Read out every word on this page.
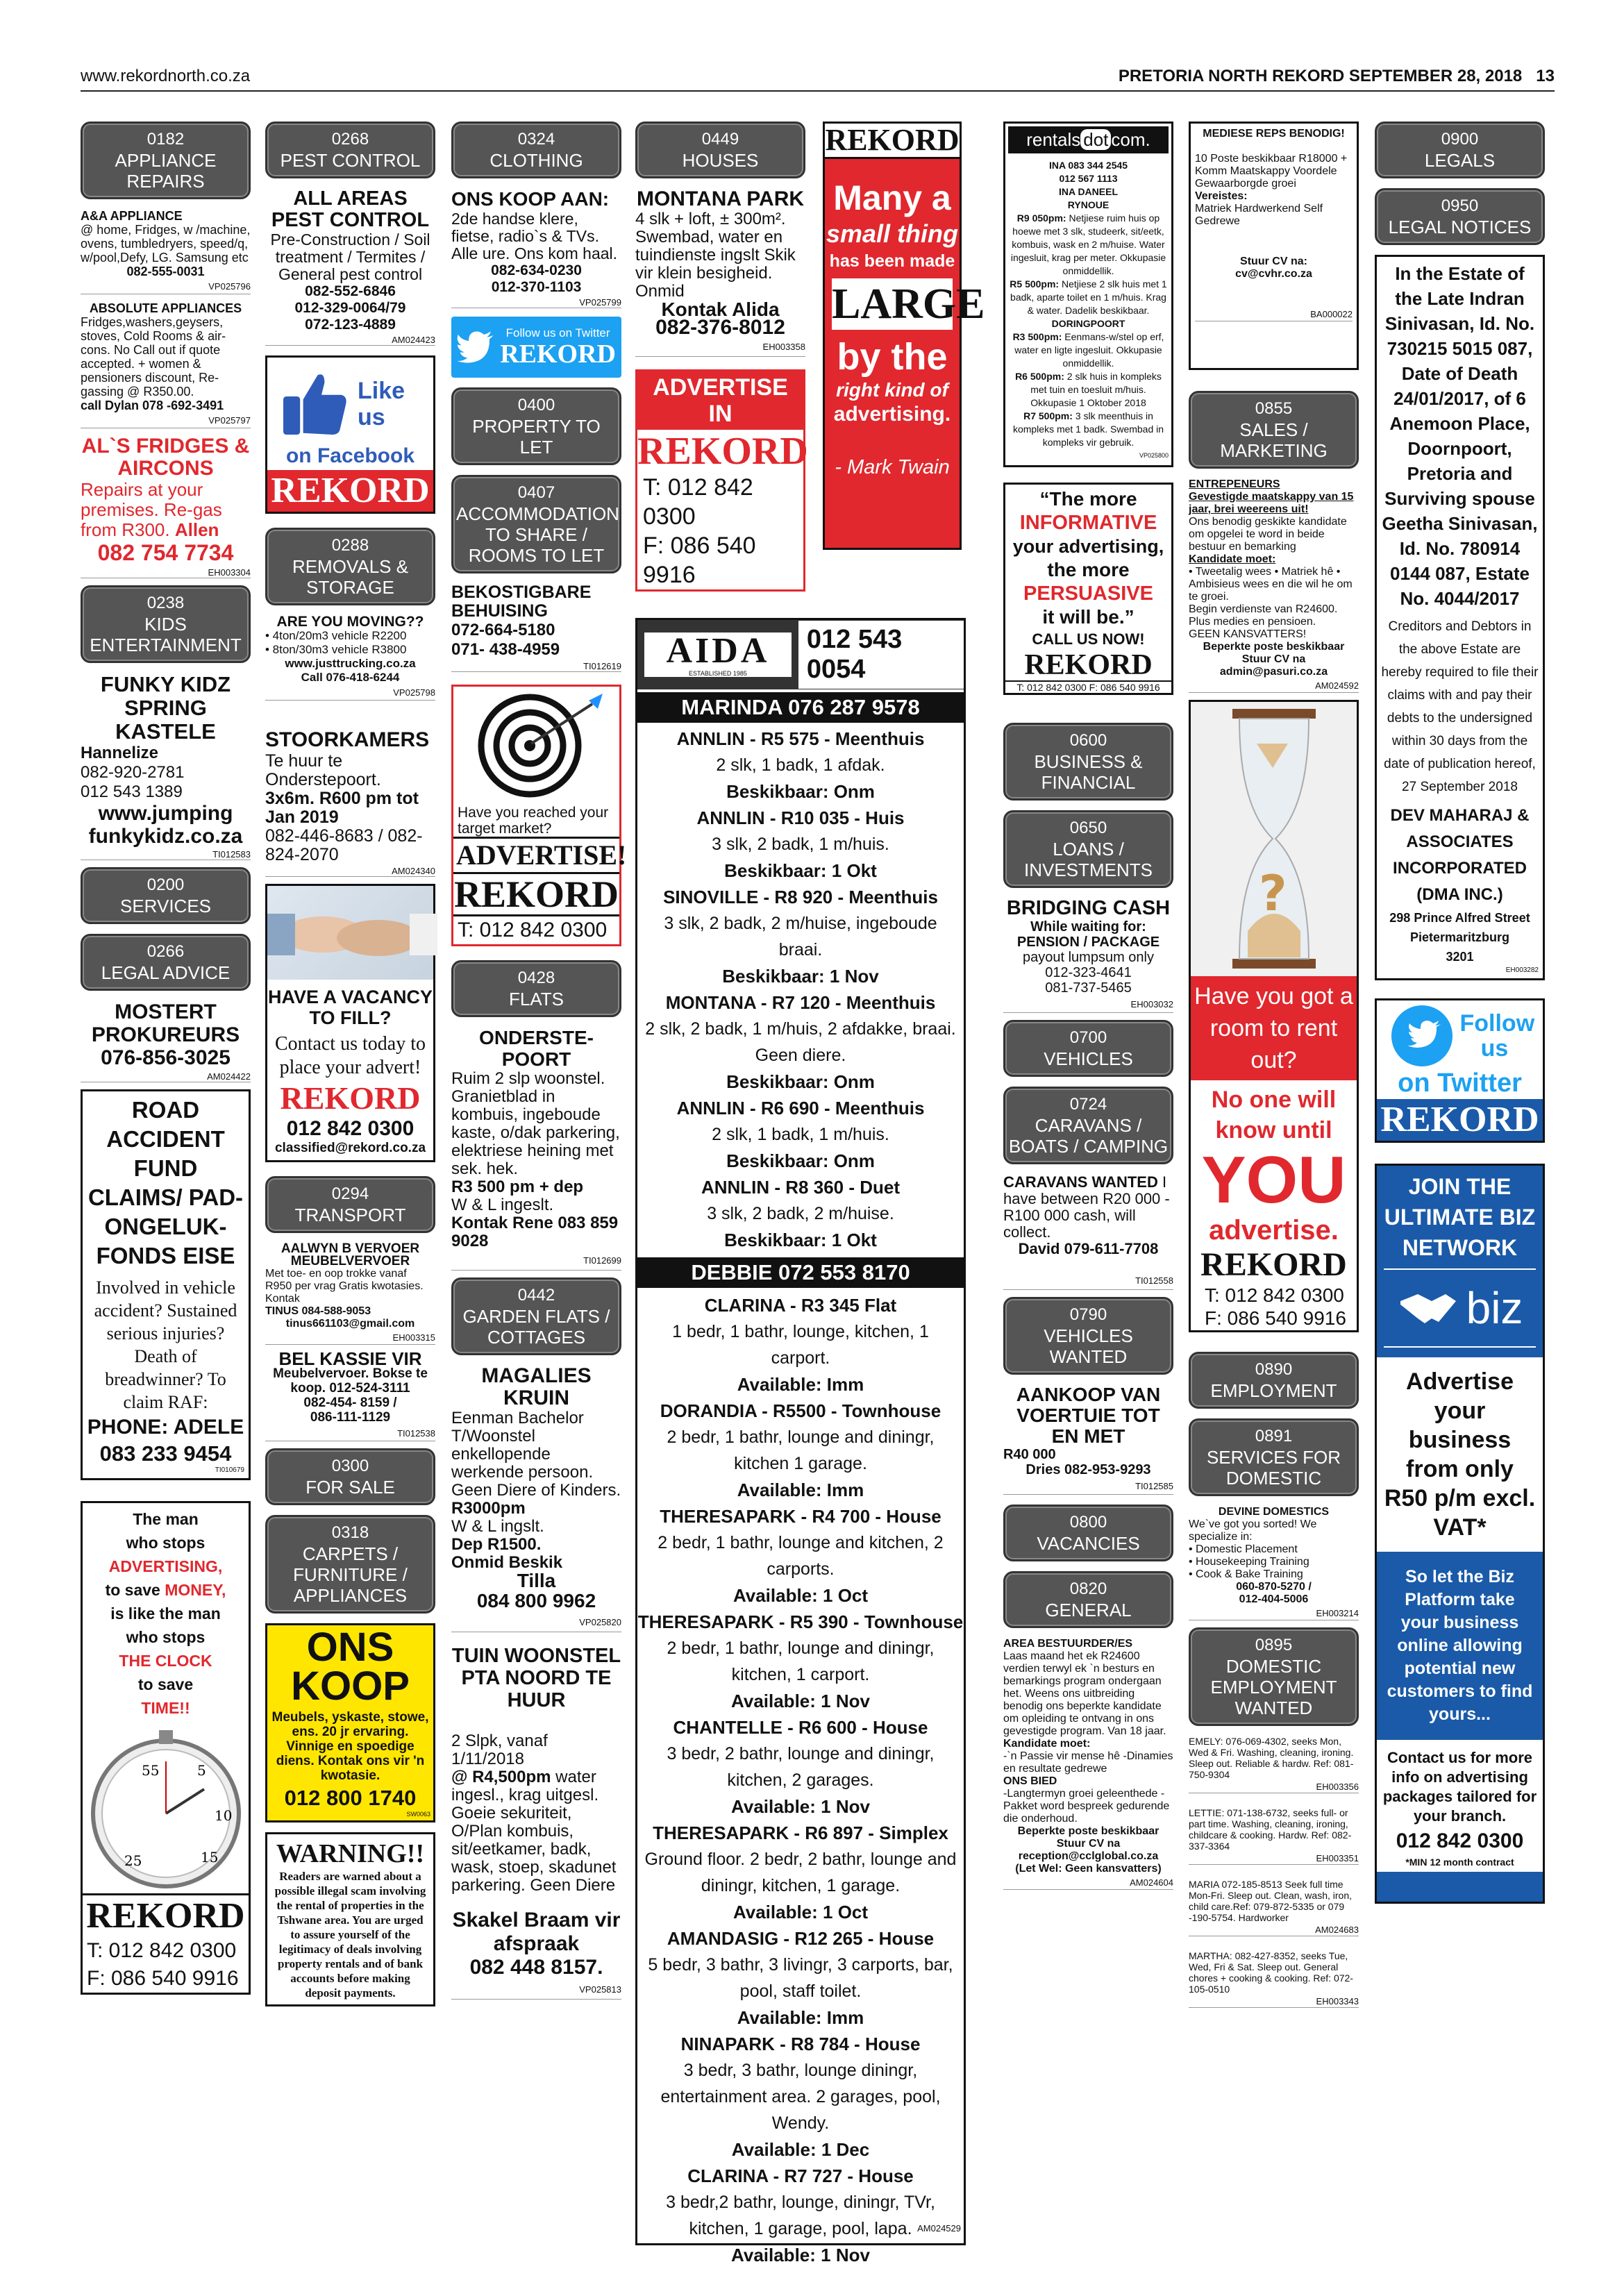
www.rekordnorth.co.za	PRETORIA NORTH REKORD SEPTEMBER 28, 2018 13
0182
APPLIANCE REPAIRS
A&A APPLIANCE
@ home, Fridges, w /machine, ovens, tumbledryers, speed/q, w/pool,Defy, LG. Samsung etc
082-555-0031
VP025796
ABSOLUTE APPLIANCES
Fridges,washers,geysers, stoves, Cold Rooms & air-cons. No Call out if quote accepted. + women & pensioners discount, Re-gassing @ R350.00.
call Dylan 078 -692-3491
VP025797
AL`S FRIDGES & AIRCONS
Repairs at your premises. Re-gas from R300. Allen
082 754 7734
EH003304
0238
KIDS ENTERTAINMENT
FUNKY KIDZ SPRING KASTELE
Hannelize
082-920-2781
012 543 1389
www.jumping funkykidz.co.za
TI012583
0200
SERVICES
0266
LEGAL ADVICE
MOSTERT PROKUREURS
076-856-3025
AM024422
ROAD ACCIDENT FUND CLAIMS/ PAD-ONGELUK-FONDS EISE
Involved in vehicle accident? Sustained serious injuries? Death of breadwinner? To claim RAF:
PHONE: ADELE
083 233 9454
TI010679
The man
who stops
ADVERTISING,
to save MONEY,
is like the man
who stops
THE CLOCK
to save
TIME!!
55	5
10
15
25
REKORD
T: 012 842 0300
F: 086 540 9916
0268
PEST CONTROL
ALL AREAS PEST CONTROL
Pre-Construction / Soil treatment / Termites / General pest control
082-552-6846
012-329-0064/79
072-123-4889
AM024423
Like us
on Facebook
REKORD
0288
REMOVALS & STORAGE
ARE YOU MOVING??
• 4ton/20m3 vehicle R2200
• 8ton/30m3 vehicle R3800
www.justtrucking.co.za
Call 076-418-6244
VP025798
STOORKAMERS
Te huur te Onderstepoort.
3x6m. R600 pm tot Jan 2019
082-446-8683 / 082-824-2070
AM024340
HAVE A VACANCY TO FILL?
Contact us today to place your advert!
REKORD
012 842 0300
classified@rekord.co.za
0294
TRANSPORT
AALWYN B VERVOER MEUBELVERVOER
Met toe- en oop trokke vanaf R950 per vrag Gratis kwotasies. Kontak
TINUS 084-588-9053
tinus661103@gmail.com
EH003315
BEL KASSIE VIR
Meubelvervoer. Bokse te koop. 012-524-3111
082-454- 8159 /
086-111-1129
TI012538
0300
FOR SALE
0318
CARPETS / FURNITURE / APPLIANCES
ONS KOOP
Meubels, yskaste, stowe, ens. 20 jr ervaring. Vinnige en spoedige diens. Kontak ons vir 'n kwotasie.
012 800 1740
SW0063
WARNING!!
Readers are warned about a possible illegal scam involving the rental of properties in the Tshwane area. You are urged to assure yourself of the legitimacy of deals involving property rentals and of bank accounts before making deposit payments.
0324
CLOTHING
ONS KOOP AAN:
2de handse klere, fietse, radio`s & TVs. Alle ure. Ons kom haal.
082-634-0230
012-370-1103
VP025799
Follow us on Twitter
REKORD
0400
PROPERTY TO LET
0407
ACCOMMODATION TO SHARE / ROOMS TO LET
BEKOSTIGBARE BEHUISING
072-664-5180
071- 438-4959
TI012619
Have you reached your target market?
ADVERTISE!
REKORD
T: 012 842 0300
0428
FLATS
ONDERSTE-POORT
Ruim 2 slp woonstel. Granietblad in kombuis, ingeboude kaste, o/dak parkering, elektriese heining met sek. hek.
R3 500 pm + dep
W & L ingeslt.
Kontak Rene 083 859 9028
TI012699
0442
GARDEN FLATS / COTTAGES
MAGALIES KRUIN
Eenman Bachelor T/Woonstel enkellopende werkende persoon. Geen Diere of Kinders. R3000pm
W & L ingslt.
Dep R1500.
Onmid Beskik
Tilla
084 800 9962
VP025820
TUIN WOONSTEL PTA NOORD TE HUUR
2 Slpk, vanaf 1/11/2018
@ R4,500pm water ingesl., krag uitgesl. Goeie sekuriteit, O/Plan kombuis, sit/eetkamer, badk, wask, stoep, skadunet parkering. Geen Diere
Skakel Braam vir afspraak
082 448 8157.
VP025813
0449
HOUSES
MONTANA PARK
4 slk + loft, ± 300m². Swembad, water en tuindienste ingslt Skik vir klein besigheid. Onmid
Kontak Alida
082-376-8012
EH003358
ADVERTISE IN
REKORD
T: 012 842 0300
F: 086 540 9916
AIDA
ESTABLISHED 1985
012 543 0054
MARINDA 076 287 9578
ANNLIN - R5 575 - Meenthuis
2 slk, 1 badk, 1 afdak.
Beskikbaar: Onm
ANNLIN - R10 035 - Huis
3 slk, 2 badk, 1 m/huis.
Beskikbaar: 1 Okt
SINOVILLE - R8 920 - Meenthuis
3 slk, 2 badk, 2 m/huise, ingeboude braai.
Beskikbaar: 1 Nov
MONTANA - R7 120 - Meenthuis
2 slk, 2 badk, 1 m/huis, 2 afdakke, braai. Geen diere.
Beskikbaar: Onm
ANNLIN - R6 690 - Meenthuis
2 slk, 1 badk, 1 m/huis.
Beskikbaar: Onm
ANNLIN - R8 360 - Duet
3 slk, 2 badk, 2 m/huise.
Beskikbaar: 1 Okt
DEBBIE 072 553 8170
CLARINA - R3 345 Flat
1 bedr, 1 bathr, lounge, kitchen, 1 carport.
Available: Imm
DORANDIA - R5500 - Townhouse
2 bedr, 1 bathr, lounge and diningr, kitchen 1 garage.
Available: Imm
THERESAPARK - R4 700 - House
2 bedr, 1 bathr, lounge and kitchen, 2 carports.
Available: 1 Oct
THERESAPARK - R5 390 - Townhouse
2 bedr, 1 bathr, lounge and diningr, kitchen, 1 carport.
Available: 1 Nov
CHANTELLE - R6 600 - House
3 bedr, 2 bathr, lounge and diningr, kitchen, 2 garages.
Available: 1 Nov
THERESAPARK - R6 897 - Simplex
Ground floor. 2 bedr, 2 bathr, lounge and diningr, kitchen, 1 garage.
Available: 1 Oct
AMANDASIG - R12 265 - House
5 bedr, 3 bathr, 3 livingr, 3 carports, bar, pool, staff toilet.
Available: Imm
NINAPARK - R8 784 - House
3 bedr, 3 bathr, lounge diningr, entertainment area. 2 garages, pool, Wendy.
Available: 1 Dec
CLARINA - R7 727 - House
3 bedr,2 bathr, lounge, diningr, TVr, kitchen, 1 garage, pool, lapa.
Available: 1 Nov
AM024529
REKORD
Many a
small thing
has been made
LARGE
by the
right kind of
advertising.
- Mark Twain
rentals dot com.
INA 083 344 2545
012 567 1113
INA DANEEL
RYNOUE
R9 050pm: Netjiese ruim huis op hoewe met 3 slk, studeerk, sit/eetk, kombuis, wask en 2 m/huise. Water ingesluit, krag per meter. Okkupasie onmiddellik.
R5 500pm: Netjiese 2 slk huis met 1 badk, aparte toilet en 1 m/huis. Krag & water. Dadelik beskikbaar.
DORINGPOORT
R3 500pm: Eenmans-w/stel op erf, water en ligte ingesluit. Okkupasie onmiddellik.
R6 500pm: 2 slk huis in kompleks met tuin en toesluit m/huis. Okkupasie 1 Oktober 2018
R7 500pm: 3 slk meenthuis in kompleks met 1 badk. Swembad in kompleks vir gebruik.
VP025800
“The more
INFORMATIVE
your advertising,
the more
PERSUASIVE
it will be.”
CALL US NOW!
REKORD
T: 012 842 0300 F: 086 540 9916
0600
BUSINESS & FINANCIAL
0650
LOANS / INVESTMENTS
BRIDGING CASH
While waiting for: PENSION / PACKAGE
payout lumpsum only
012-323-4641
081-737-5465
EH003032
0700
VEHICLES
0724
CARAVANS / BOATS / CAMPING
CARAVANS WANTED I have between R20 000 - R100 000 cash, will collect.
David 079-611-7708
TI012558
0790
VEHICLES WANTED
AANKOOP VAN VOERTUIE TOT EN MET
R40 000
Dries 082-953-9293
TI012585
0800
VACANCIES
0820
GENERAL
AREA BESTUURDER/ES
Laas maand het ek R24600 verdien terwyl ek `n besturs en bemarkings program ondergaan het. Weens ons uitbreiding benodig ons beperkte kandidate om opleiding te ontvang in ons gevestigde program. Van 18 jaar.
Kandidate moet:
-`n Passie vir mense hê -Dinamies en resultate gedrewe
ONS BIED
-Langtermyn groei geleenthede -Pakket word bespreek gedurende die onderhoud.
Beperkte poste beskikbaar Stuur CV na
reception@cclglobal.co.za
(Let Wel: Geen kansvatters)
AM024604
MEDIESE REPS BENODIG!
10 Poste beskikbaar R18000 + Komm Maatskappy Voordele Gewaarborgde groei
Vereistes:
Matriek Hardwerkend Self Gedrewe
Stuur CV na:
cv@cvhr.co.za
BA000022
0855
SALES / MARKETING
ENTREPENEURS
Gevestigde maatskappy van 15 jaar, brei weereens uit!
Ons benodig geskikte kandidate om opgelei te word in beide bestuur en bemarking
Kandidate moet:
• Tweetalig wees • Matriek hê • Ambisieus wees en die wil he om te groei.
Begin verdienste van R24600. Plus medies en pensioen.
GEEN KANSVATTERS!
Beperkte poste beskikbaar Stuur CV na
admin@pasuri.co.za
AM024592
?
Have you got a room to rent out?
No one will know until
YOU
advertise.
REKORD
T: 012 842 0300
F: 086 540 9916
0890
EMPLOYMENT
0891
SERVICES FOR DOMESTIC
DEVINE DOMESTICS
We`ve got you sorted! We specialize in:
• Domestic Placement
• Housekeeping Training
• Cook & Bake Training
060-870-5270 /
012-404-5006
EH003214
0895
DOMESTIC EMPLOYMENT WANTED
EMELY: 076-069-4302, seeks Mon, Wed & Fri. Washing, cleaning, ironing. Sleep out. Reliable & hardw. Ref: 081-750-9304
EH003356
LETTIE: 071-138-6732, seeks full- or part time. Washing, cleaning, ironing, childcare & cooking. Hardw. Ref: 082-337-3364
EH003351
MARIA 072-185-8513 Seek full time Mon-Fri. Sleep out. Clean, wash, iron, child care.Ref: 079-872-5335 or 079 -190-5754. Hardworker
AM024683
MARTHA: 082-427-8352, seeks Tue, Wed, Fri & Sat. Sleep out. General chores + cooking & cooking. Ref: 072-105-0510
EH003343
0900
LEGALS
0950
LEGAL NOTICES
In the Estate of the Late Indran Sinivasan, Id. No. 730215 5015 087, Date of Death 24/01/2017, of 6 Anemoon Place, Doornpoort, Pretoria and Surviving spouse Geetha Sinivasan, Id. No. 780914 0144 087, Estate No. 4044/2017
Creditors and Debtors in the above Estate are hereby required to file their claims with and pay their debts to the undersigned within 30 days from the date of publication hereof, 27 September 2018
DEV MAHARAJ & ASSOCIATES INCORPORATED (DMA INC.)
298 Prince Alfred Street Pietermaritzburg
3201
EH003282
Follow us
on Twitter
REKORD
JOIN THE ULTIMATE BIZ NETWORK
biz
Advertise your business from only R50 p/m excl. VAT*
So let the Biz Platform take your business online allowing potential new customers to find yours...
Contact us for more info on advertising packages tailored for your branch.
012 842 0300
*MIN 12 month contract
